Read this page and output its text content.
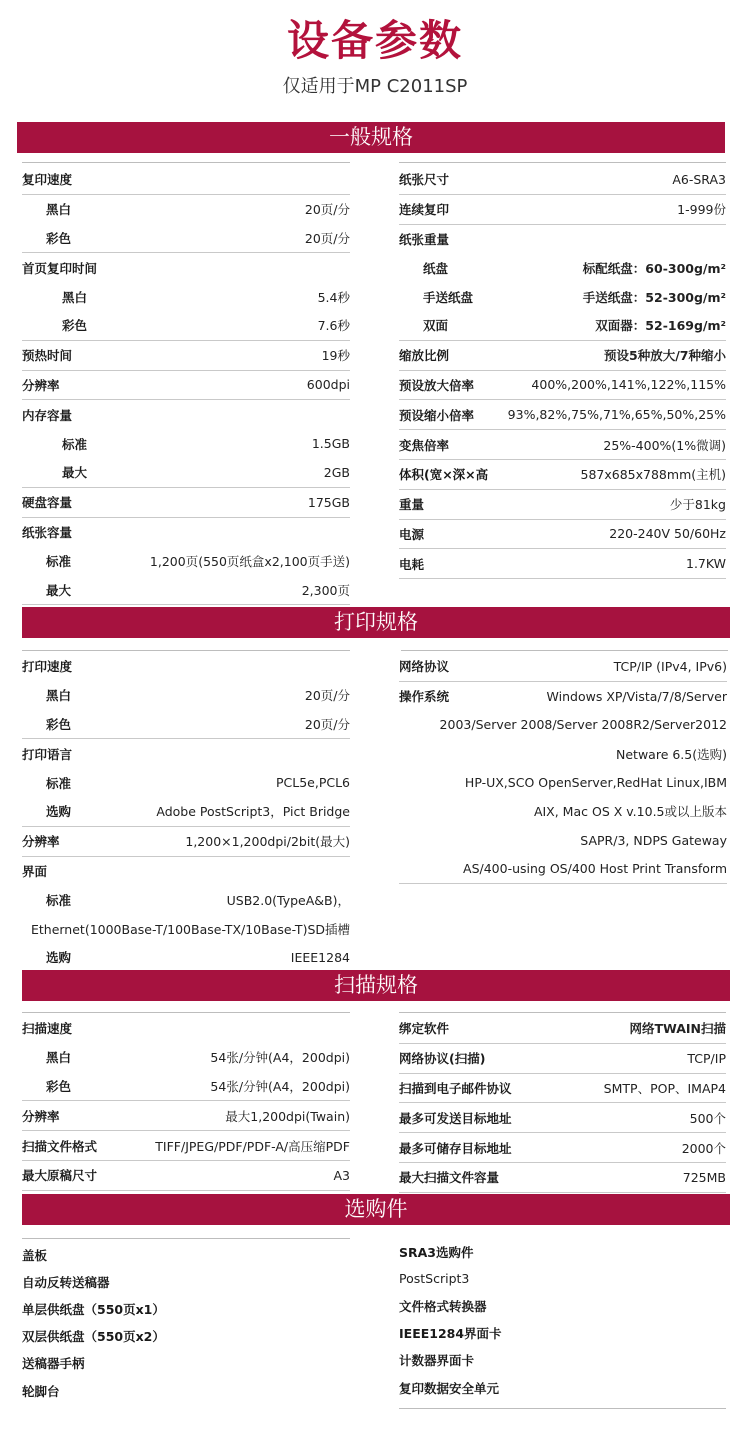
设备参数
仅适用于MP C2011SP
一般规格
复印速度
黑白	20页/分
彩色	20页/分
首页复印时间
黑白	5.4秒
彩色	7.6秒
预热时间	19秒
分辨率	600dpi
内存容量
标准	1.5GB
最大	2GB
硬盘容量	175GB
纸张容量
标准	1,200页(550页纸盒x2,100页手送)
最大	2,300页
纸张尺寸	A6-SRA3
连续复印	1-999份
纸张重量
纸盘	标配纸盘：60-300g/m²
手送纸盘	手送纸盘：52-300g/m²
双面	双面器：52-169g/m²
缩放比例	预设5种放大/7种缩小
预设放大倍率	400%,200%,141%,122%,115%
预设缩小倍率	93%,82%,75%,71%,65%,50%,25%
变焦倍率	25%-400%(1%微调)
体积(宽×深×高	587x685x788mm(主机)
重量	少于81kg
电源	220-240V 50/60Hz
电耗	1.7KW
打印规格
打印速度
黑白	20页/分
彩色	20页/分
打印语言
标准	PCL5e,PCL6
选购	Adobe PostScript3，Pict Bridge
分辨率	1,200×1,200dpi/2bit(最大)
界面
标准	USB2.0(TypeA&B)，
Ethernet(1000Base-T/100Base-TX/10Base-T)SD插槽
选购	IEEE1284
网络协议	TCP/IP (IPv4, IPv6)
操作系统	Windows XP/Vista/7/8/Server
2003/Server 2008/Server 2008R2/Server2012
Netware 6.5(选购)
HP-UX,SCO OpenServer,RedHat Linux,IBM
AIX, Mac OS X v.10.5或以上版本
SAPR/3, NDPS Gateway
AS/400-using OS/400 Host Print Transform
扫描规格
扫描速度
黑白	54张/分钟(A4，200dpi)
彩色	54张/分钟(A4，200dpi)
分辨率	最大1,200dpi(Twain)
扫描文件格式	TIFF/JPEG/PDF/PDF-A/高压缩PDF
最大原稿尺寸	A3
绑定软件	网络TWAIN扫描
网络协议(扫描)	TCP/IP
扫描到电子邮件协议	SMTP、POP、IMAP4
最多可发送目标地址	500个
最多可储存目标地址	2000个
最大扫描文件容量	725MB
选购件
盖板
自动反转送稿器
单层供纸盘（550页x1）
双层供纸盘（550页x2）
送稿器手柄
轮脚台
SRA3选购件
PostScript3
文件格式转换器
IEEE1284界面卡
计数器界面卡
复印数据安全单元
